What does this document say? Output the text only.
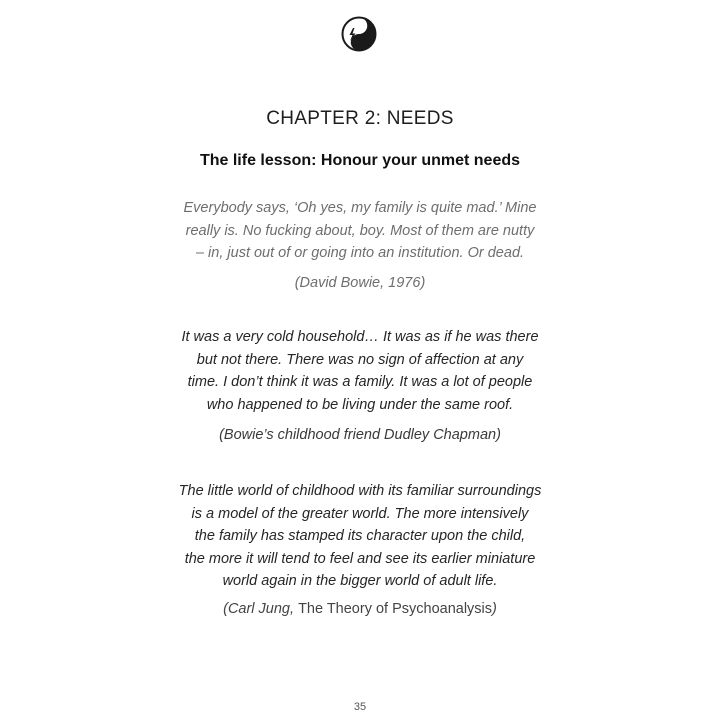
CHAPTER 2: NEEDS
The life lesson: Honour your unmet needs
Everybody says, ‘Oh yes, my family is quite mad.’ Mine
really is. No fucking about, boy. Most of them are nutty
– in, just out of or going into an institution. Or dead.
(David Bowie, 1976)
It was a very cold household… It was as if he was there
but not there. There was no sign of affection at any
time. I don’t think it was a family. It was a lot of people
who happened to be living under the same roof.
(Bowie’s childhood friend Dudley Chapman)
The little world of childhood with its familiar surroundings
is a model of the greater world. The more intensively
the family has stamped its character upon the child,
the more it will tend to feel and see its earlier miniature
world again in the bigger world of adult life.
(Carl Jung, The Theory of Psychoanalysis)
35
